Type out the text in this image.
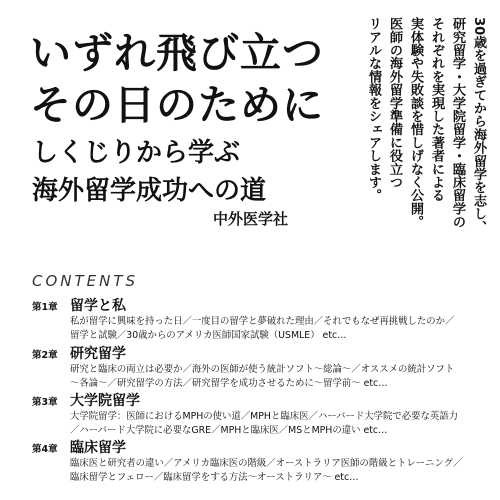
いずれ飛び立つ
その日のために
しくじりから学ぶ
海外留学成功への道
中外医学社	30歳を過ぎてから海外留学を志し、
研究留学・大学院留学・臨床留学の
それぞれを実現した著者による
実体験や失敗談を惜しげなく公開。
医師の海外留学準備に役立つ
リアルな情報をシェアします。
CONTENTS
第1章 留学と私
私が留学に興味を持った日／一度目の留学と夢破れた理由／それでもなぜ再挑戦したのか／
留学と試験／30歳からのアメリカ医師国家試験（USMLE） etc…
第2章 研究留学
研究と臨床の両立は必要か／海外の医師が使う統計ソフト～総論～／オススメの統計ソフト
～各論～／研究留学の方法／研究留学を成功させるために～留学前～ etc…
第3章 大学院留学
大学院留学：医師におけるMPHの使い道／MPHと臨床医／ハーバード大学院で必要な英語力
／ハーバード大学院に必要なGRE／MPHと臨床医／MSとMPHの違い etc…
第4章 臨床留学
臨床医と研究者の違い／アメリカ臨床医の階級／オーストラリア医師の階級とトレーニング／
臨床留学とフェロー／臨床留学をする方法～オーストラリア～ etc…
